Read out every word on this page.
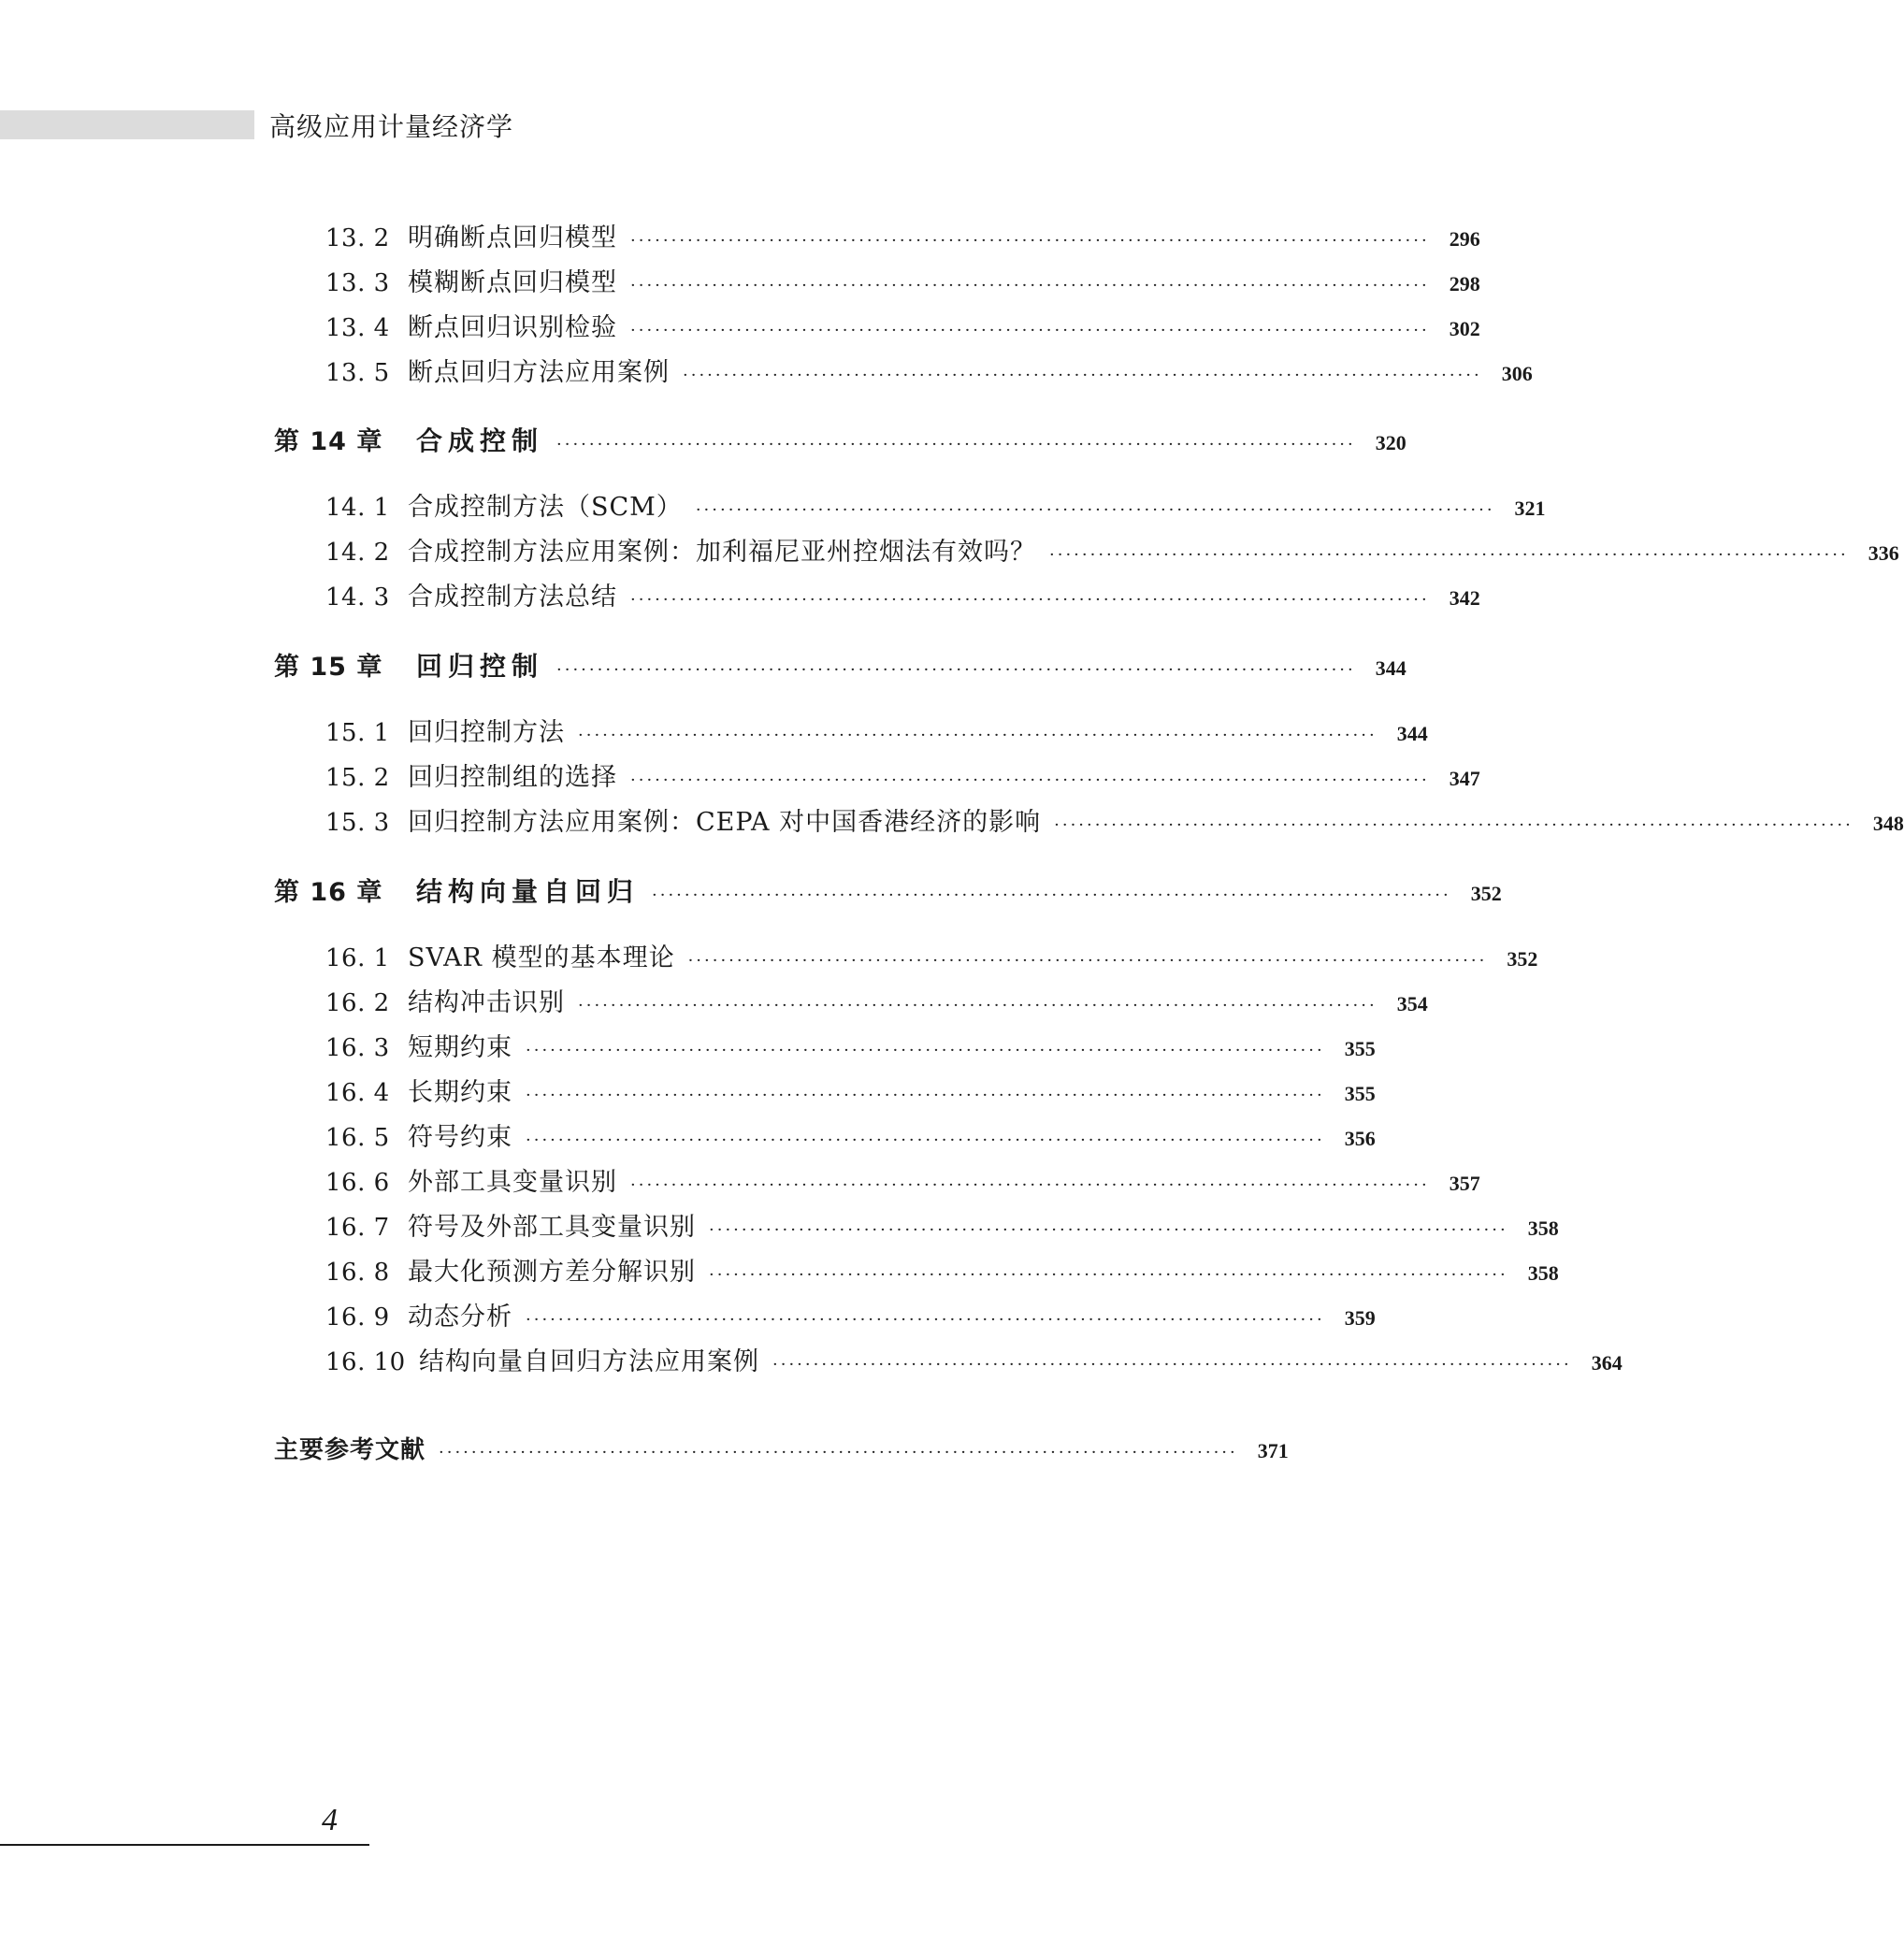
高级应用计量经济学
13. 2 明确断点回归模型 ·································································································· 296
13. 3 模糊断点回归模型 ·································································································· 298
13. 4 断点回归识别检验 ·································································································· 302
13. 5 断点回归方法应用案例 ·································································································· 306
第 14 章	合成控制 ·································································································· 320
14. 1 合成控制方法（SCM） ·································································································· 321
14. 2 合成控制方法应用案例：加利福尼亚州控烟法有效吗？ ·································································································· 336
14. 3 合成控制方法总结 ·································································································· 342
第 15 章	回归控制 ·································································································· 344
15. 1 回归控制方法 ·································································································· 344
15. 2 回归控制组的选择 ·································································································· 347
15. 3 回归控制方法应用案例：CEPA 对中国香港经济的影响 ·································································································· 348
第 16 章	结构向量自回归 ·································································································· 352
16. 1 SVAR 模型的基本理论 ·································································································· 352
16. 2 结构冲击识别 ·································································································· 354
16. 3 短期约束 ·································································································· 355
16. 4 长期约束 ·································································································· 355
16. 5 符号约束 ·································································································· 356
16. 6 外部工具变量识别 ·································································································· 357
16. 7 符号及外部工具变量识别 ·································································································· 358
16. 8 最大化预测方差分解识别 ·································································································· 358
16. 9 动态分析 ·································································································· 359
16. 10 结构向量自回归方法应用案例 ·································································································· 364
主要参考文献 ·································································································· 371
4
